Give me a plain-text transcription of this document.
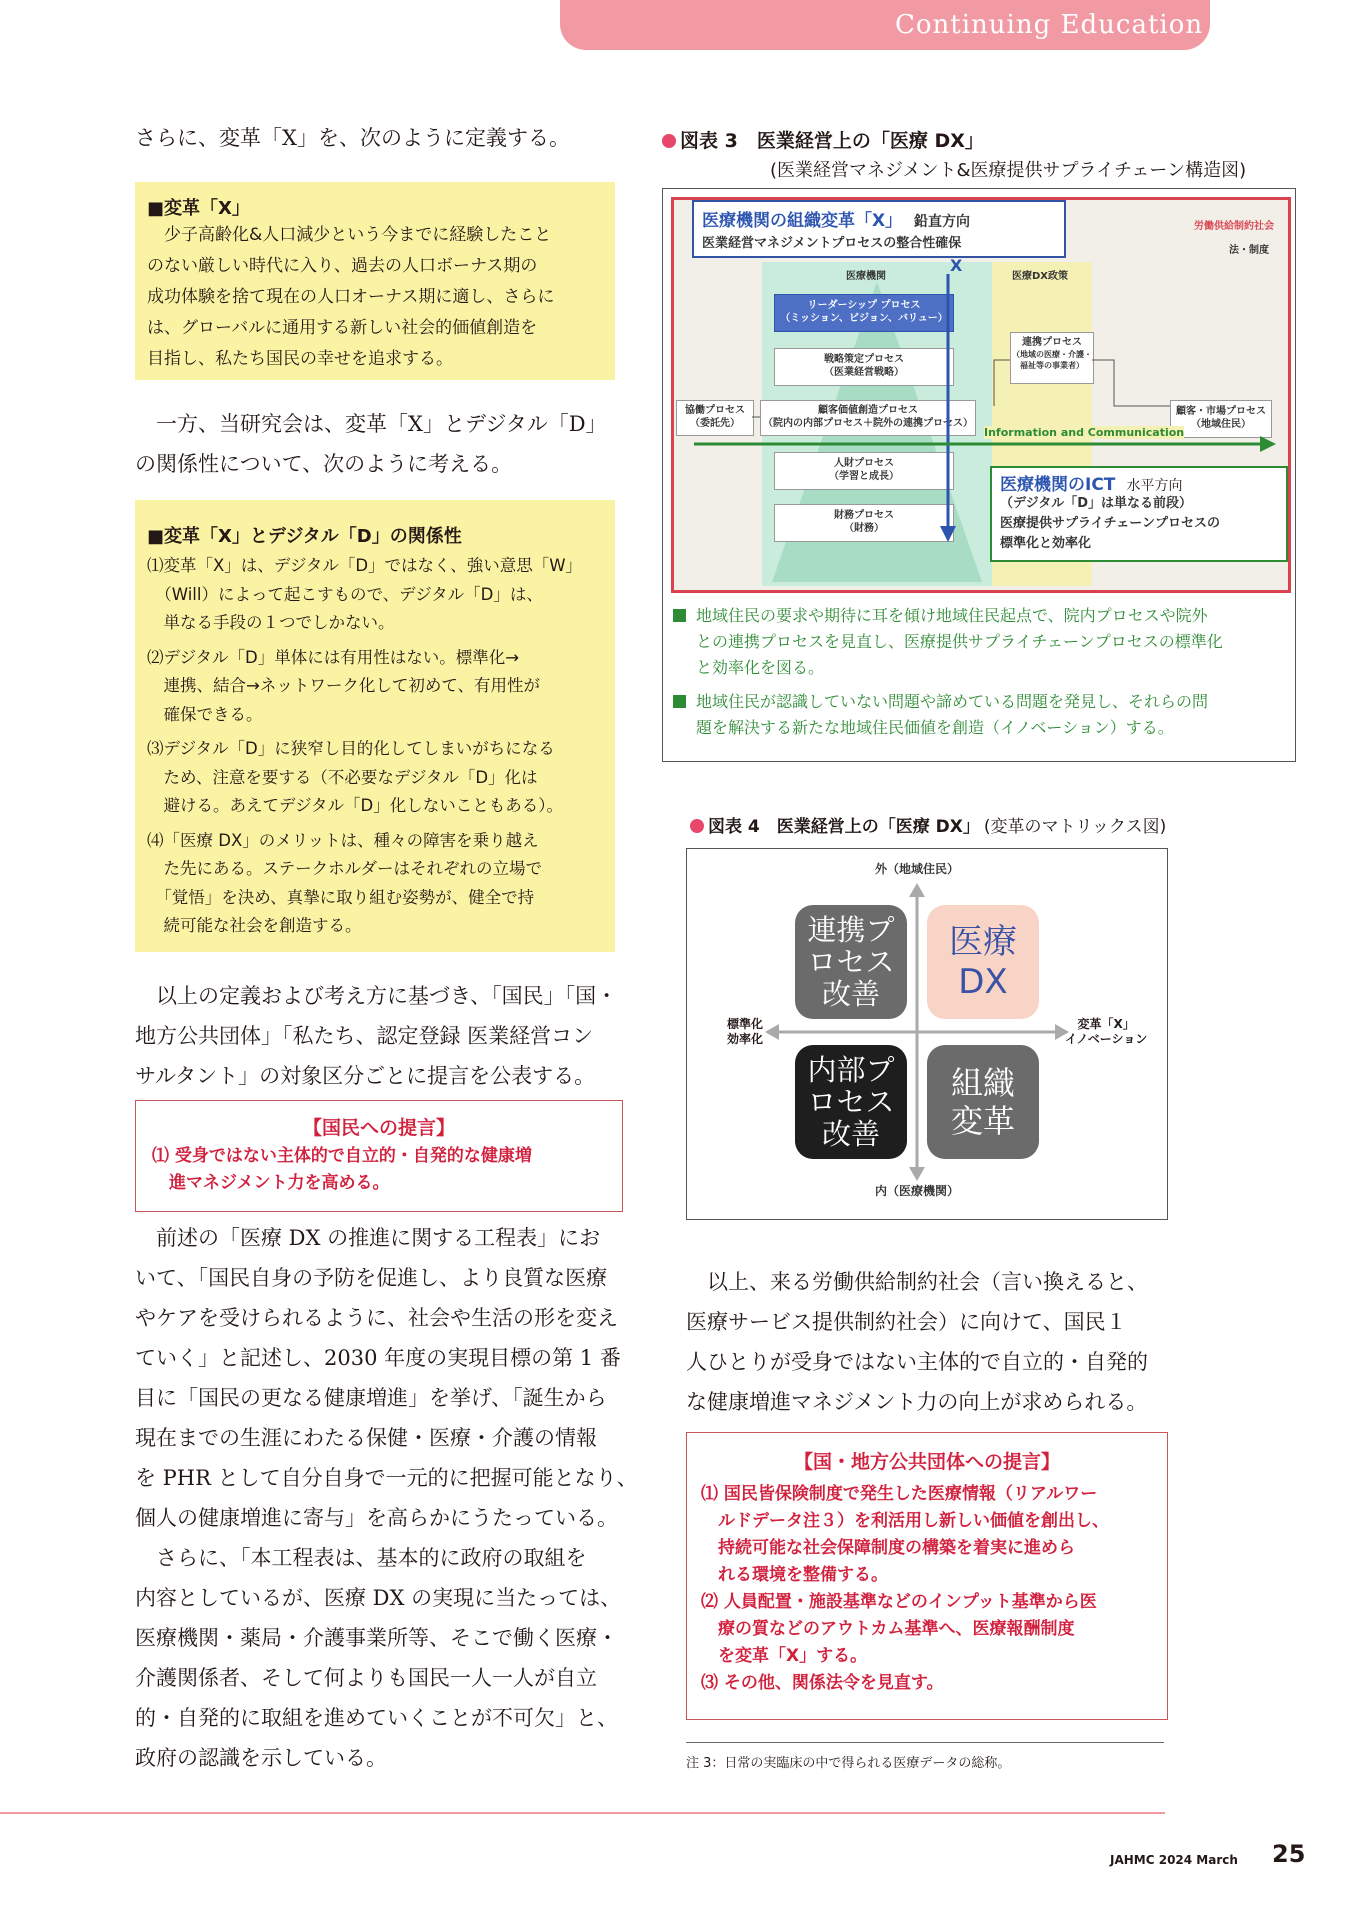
Continuing Education
さらに、変革「X」を、次のように定義する。
■変革「X」
　少子高齢化&人口減少という今までに経験したこと
のない厳しい時代に入り、過去の人口ボーナス期の
成功体験を捨て現在の人口オーナス期に適し、さらに
は、グローバルに通用する新しい社会的価値創造を
目指し、私たち国民の幸せを追求する。
　一方、当研究会は、変革「X」とデジタル「D」
の関係性について、次のように考える。
■変革「X」とデジタル「D」の関係性
⑴変革「X」は、デジタル「D」ではなく、強い意思「W」
　（Will）によって起こすもので、デジタル「D」は、
　単なる手段の１つでしかない。
⑵デジタル「D」単体には有用性はない。標準化→
　連携、結合→ネットワーク化して初めて、有用性が
　確保できる。
⑶デジタル「D」に狭窄し目的化してしまいがちになる
　ため、注意を要する（不必要なデジタル「D」化は
　避ける。あえてデジタル「D」化しないこともある）。
⑷「医療 DX」のメリットは、種々の障害を乗り越え
　た先にある。ステークホルダーはそれぞれの立場で
　「覚悟」を決め、真摯に取り組む姿勢が、健全で持
　続可能な社会を創造する。
　以上の定義および考え方に基づき、「国民」「国・
地方公共団体」「私たち、認定登録 医業経営コン
サルタント」の対象区分ごとに提言を公表する。
【国民への提言】
⑴ 受身ではない主体的で自立的・自発的な健康増
　進マネジメント力を高める。
　前述の「医療 DX の推進に関する工程表」にお
いて、「国民自身の予防を促進し、より良質な医療
やケアを受けられるように、社会や生活の形を変え
ていく」と記述し、2030 年度の実現目標の第 1 番
目に「国民の更なる健康増進」を挙げ、「誕生から
現在までの生涯にわたる保健・医療・介護の情報
を PHR として自分自身で一元的に把握可能となり、
個人の健康増進に寄与」を高らかにうたっている。
　さらに、「本工程表は、基本的に政府の取組を
内容としているが、医療 DX の実現に当たっては、
医療機関・薬局・介護事業所等、そこで働く医療・
介護関係者、そして何よりも国民一人一人が自立
的・自発的に取組を進めていくことが不可欠」と、
政府の認識を示している。
図表 3　医業経営上の「医療 DX」
(医業経営マネジメント&医療提供サプライチェーン構造図)
医療機関の組織変革「X」 鉛直方向
医業経営マネジメントプロセスの整合性確保
労働供給制約社会
法・制度
X
医療機関	医療DX政策
リーダーシップ プロセス
（ミッション、ビジョン、バリュー）
戦略策定プロセス
（医業経営戦略）
顧客価値創造プロセス
（院内の内部プロセス＋院外の連携プロセス）
人財プロセス
（学習と成長）
財務プロセス
（財務）
協働プロセス
（委託先）
連携プロセス
（地域の医療・介護・
福祉等の事業者）
顧客・市場プロセス
（地域住民）
Information and Communication
医療機関のICT 水平方向
（デジタル「D」は単なる前段）
医療提供サプライチェーンプロセスの
標準化と効率化
地域住民の要求や期待に耳を傾け地域住民起点で、院内プロセスや院外
との連携プロセスを見直し、医療提供サプライチェーンプロセスの標準化
と効率化を図る。
地域住民が認識していない問題や諦めている問題を発見し、それらの問
題を解決する新たな地域住民価値を創造（イノベーション）する。
図表 4　医業経営上の「医療 DX」 (変革のマトリックス図)
外（地域住民）
内（医療機関）
標準化
効率化
変革「X」
イノベーション
連携プ
ロセス
改善
医療
DX
内部プ
ロセス
改善
組織
変革
　以上、来る労働供給制約社会（言い換えると、
医療サービス提供制約社会）に向けて、国民１
人ひとりが受身ではない主体的で自立的・自発的
な健康増進マネジメント力の向上が求められる。
【国・地方公共団体への提言】
⑴ 国民皆保険制度で発生した医療情報（リアルワー
　ルドデータ注３）を利活用し新しい価値を創出し、
　持続可能な社会保障制度の構築を着実に進めら
　れる環境を整備する。
⑵ 人員配置・施設基準などのインプット基準から医
　療の質などのアウトカム基準へ、医療報酬制度
　を変革「X」する。
⑶ その他、関係法令を見直す。
注 3：日常の実臨床の中で得られる医療データの総称。
JAHMC 2024 March 25
